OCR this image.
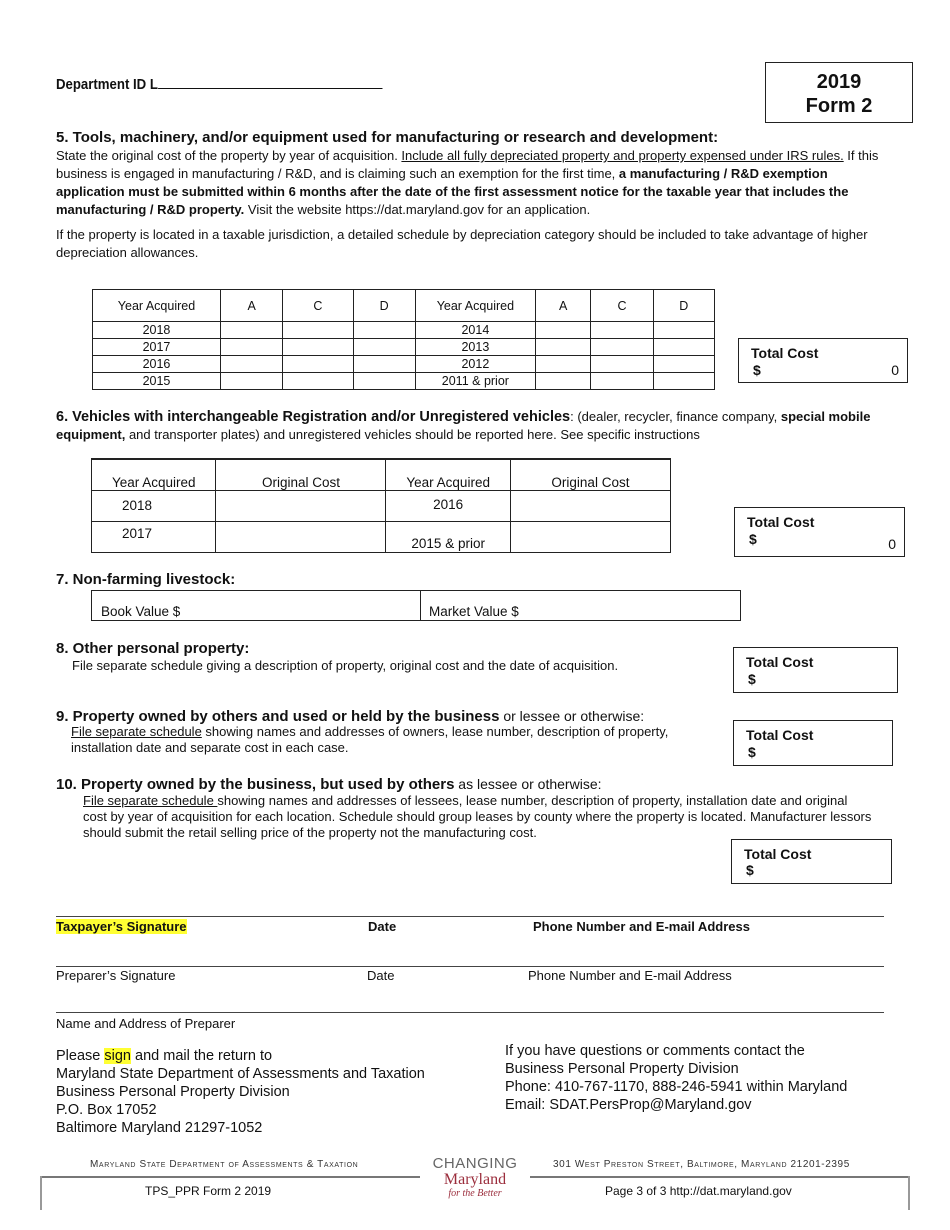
Department ID L	2019
Form 2
5. Tools, machinery, and/or equipment used for manufacturing or research and development:
State the original cost of the property by year of acquisition. Include all fully depreciated property and property expensed under IRS rules. If this business is engaged in manufacturing / R&D, and is claiming such an exemption for the first time, a manufacturing / R&D exemption application must be submitted within 6 months after the date of the first assessment notice for the taxable year that includes the manufacturing / R&D property. Visit the website https://dat.maryland.gov for an application.
If the property is located in a taxable jurisdiction, a detailed schedule by depreciation category should be included to take advantage of higher depreciation allowances.
Year Acquired	A	C	D	Year Acquired	A	C	D
2018				2014			
2017				2013			
2016				2012			
2015				2011 & prior			
Total Cost
$	0
6. Vehicles with interchangeable Registration and/or Unregistered vehicles: (dealer, recycler, finance company, special mobile equipment, and transporter plates) and unregistered vehicles should be reported here. See specific instructions
Year Acquired	Original Cost	Year Acquired	Original Cost
2018		2016	
2017		2015 & prior	
Total Cost
$	0
7. Non-farming livestock:
Book Value $	Market Value $
8. Other personal property:
File separate schedule giving a description of property, original cost and the date of acquisition.	Total Cost
$
9. Property owned by others and used or held by the business or lessee or otherwise:
File separate schedule showing names and addresses of owners, lease number, description of property, installation date and separate cost in each case.
Total Cost
$
10. Property owned by the business, but used by others as lessee or otherwise:
File separate schedule showing names and addresses of lessees, lease number, description of property, installation date and original cost by year of acquisition for each location. Schedule should group leases by county where the property is located. Manufacturer lessors should submit the retail selling price of the property not the manufacturing cost.
Total Cost
$
Taxpayer’s Signature	Date	Phone Number and E-mail Address
Preparer’s Signature	Date	Phone Number and E-mail Address
Name and Address of Preparer
Please sign and mail the return to
Maryland State Department of Assessments and Taxation
Business Personal Property Division
P.O. Box 17052
Baltimore Maryland 21297-1052
If you have questions or comments contact the
Business Personal Property Division
Phone: 410-767-1170, 888-246-5941 within Maryland
Email: SDAT.PersProp@Maryland.gov
Maryland State Department of Assessments & Taxation	301 West Preston Street, Baltimore, Maryland 21201-2395
CHANGING
Maryland
for the Better
TPS_PPR Form 2 2019	Page 3 of 3 http://dat.maryland.gov
